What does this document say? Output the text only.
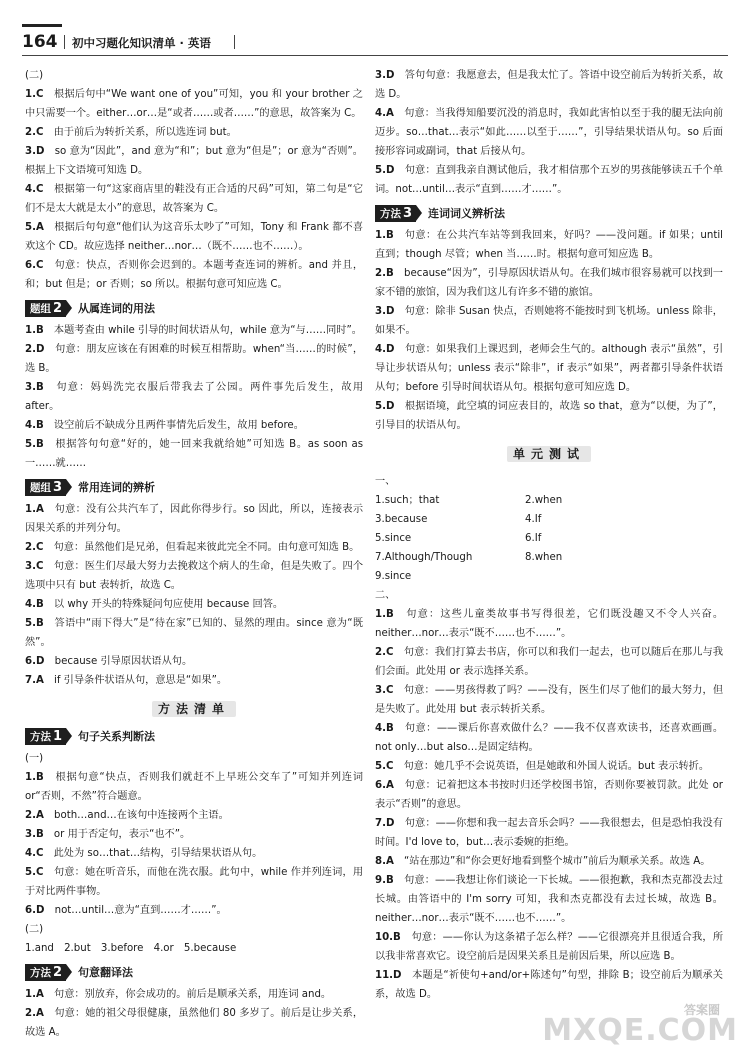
164 初中习题化知识清单 · 英语
(二)
1.C　 根据后句中“We want one of you”可知，you 和 your brother 之中只需要一个。either…or…是“或者……或者……”的意思，故答案为 C。
2.C　 由于前后为转折关系，所以选连词 but。
3.D　 so 意为“因此”，and 意为“和”；but 意为“但是”；or 意为“否则”。根据上下文语境可知选 D。
4.C　 根据第一句“这家商店里的鞋没有正合适的尺码”可知，第二句是“它们不是太大就是太小”的意思，故答案为 C。
5.A　 根据后句句意“他们认为这音乐太吵了”可知，Tony 和 Frank 都不喜欢这个 CD。故应选择 neither…nor…（既不……也不……）。
6.C　 句意：快点，否则你会迟到的。本题考查连词的辨析。and 并且，和；but 但是；or 否则；so 所以。根据句意可知应选 C。
题组 2	从属连词的用法
1.B　 本题考查由 while 引导的时间状语从句，while 意为“与……同时”。
2.D　 句意：朋友应该在有困难的时候互相帮助。when“当……的时候”，选 B。
3.B　 句意：妈妈洗完衣服后带我去了公园。两件事先后发生，故用 after。
4.B　 设空前后不缺成分且两件事情先后发生，故用 before。
5.B　 根据答句句意“好的，她一回来我就给她”可知选 B。as soon as 一……就……
题组 3	常用连词的辨析
1.A　 句意：没有公共汽车了，因此你得步行。so 因此，所以，连接表示因果关系的并列分句。
2.C　 句意：虽然他们是兄弟，但看起来彼此完全不同。由句意可知选 B。
3.C　 句意：医生们尽最大努力去挽救这个病人的生命，但是失败了。四个选项中只有 but 表转折，故选 C。
4.B　 以 why 开头的特殊疑问句应使用 because 回答。
5.B　 答语中“雨下得大”是“待在家”已知的、显然的理由。since 意为“既然”。
6.D　 because 引导原因状语从句。
7.A　 if 引导条件状语从句，意思是“如果”。
方法清单
方法 1	句子关系判断法
(一)
1.B　 根据句意“快点，否则我们就赶不上早班公交车了”可知并列连词 or“否则，不然”符合题意。
2.A　 both…and…在该句中连接两个主语。
3.B　 or 用于否定句，表示“也不”。
4.C　 此处为 so…that…结构，引导结果状语从句。
5.C　 句意：她在听音乐，而他在洗衣服。此句中，while 作并列连词，用于对比两件事物。
6.D　 not…until…意为“直到……才……”。
(二)
1.and　2.but　3.before　4.or　5.because
方法 2	句意翻译法
1.A　 句意：别放弃，你会成功的。前后是顺承关系，用连词 and。
2.A　 句意：她的祖父母很健康，虽然他们 80 多岁了。前后是让步关系，故选 A。
3.D　 答句句意：我愿意去，但是我太忙了。答语中设空前后为转折关系，故选 D。
4.A　 句意：当我得知船要沉没的消息时，我如此害怕以至于我的腿无法向前迈步。so…that…表示“如此……以至于……”，引导结果状语从句。so 后面接形容词或副词，that 后接从句。
5.D　 句意：直到我亲自测试他后，我才相信那个五岁的男孩能够读五千个单词。not…until…表示“直到……才……”。
方法 3	连词词义辨析法
1.B　 句意：在公共汽车站等到我回来，好吗？——没问题。if 如果；until 直到；though 尽管；when 当……时。根据句意可知应选 B。
2.B　 because“因为”，引导原因状语从句。在我们城市很容易就可以找到一家不错的旅馆，因为我们这儿有许多不错的旅馆。
3.D　 句意：除非 Susan 快点，否则她将不能按时到飞机场。unless 除非，如果不。
4.D　 句意：如果我们上课迟到，老师会生气的。although 表示“虽然”，引导让步状语从句；unless 表示“除非”，if 表示“如果”，两者都引导条件状语从句；before 引导时间状语从句。根据句意可知应选 D。
5.D　 根据语境，此空填的词应表目的，故选 so that，意为“以便，为了”，引导目的状语从句。
单元测试
一、
1.such；that	2.when
3.because	4.If
5.since	6.If
7.Although/Though	8.when
9.since
二、
1.B　 句意：这些儿童类故事书写得很差，它们既没趣又不令人兴奋。neither…nor…表示“既不……也不……”。
2.C　 句意：我们打算去书店，你可以和我们一起去，也可以随后在那儿与我们会面。此处用 or 表示选择关系。
3.C　 句意：——男孩得救了吗？——没有，医生们尽了他们的最大努力，但是失败了。此处用 but 表示转折关系。
4.B　 句意：——课后你喜欢做什么？——我不仅喜欢读书，还喜欢画画。not only…but also…是固定结构。
5.C　 句意：她几乎不会说英语，但是她敢和外国人说话。but 表示转折。
6.A　 句意：记着把这本书按时归还学校图书馆，否则你要被罚款。此处 or 表示“否则”的意思。
7.D　 句意：——你想和我一起去音乐会吗？——我很想去，但是恐怕我没有时间。I'd love to，but…表示委婉的拒绝。
8.A　 “站在那边”和“你会更好地看到整个城市”前后为顺承关系。故选 A。
9.B　 句意：——我想让你们谈论一下长城。——很抱歉，我和杰克都没去过长城。由答语中的 I'm sorry 可知，我和杰克都没有去过长城，故选 B。neither…nor…表示“既不……也不……”。
10.B　 句意：——你认为这条裙子怎么样？——它很漂亮并且很适合我，所以我非常喜欢它。设空前后是因果关系且是前因后果，所以应选 B。
11.D　 本题是“祈使句+and/or+陈述句”句型，排除 B；设空前后为顺承关系，故选 D。
答案圈
MXQE.COM
